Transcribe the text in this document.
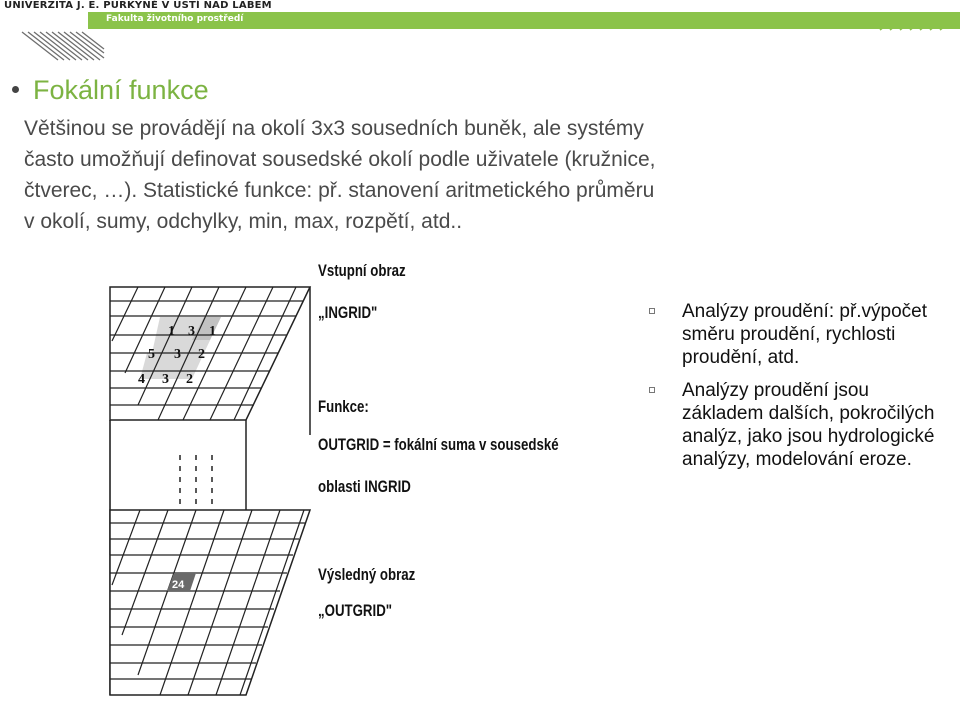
UNIVERZITA J. E. PURKYNĚ V ÚSTÍ NAD LABEM
Fakulta životního prostředí
Fokální funkce
Většinou se provádějí na okolí 3x3 sousedních buněk, ale systémy
často umožňují definovat sousedské okolí podle uživatele (kružnice,
čtverec, …). Statistické funkce: př. stanovení aritmetického průměru
v okolí, sumy, odchylky, min, max, rozpětí, atd..
1 3 1
5 3 2
4 3 2
24
Vstupní obraz
„INGRID"
Funkce:
OUTGRID = fokální suma v sousedské
oblasti INGRID
Výsledný obraz
„OUTGRID"
Analýzy proudění: př.výpočet směru proudění, rychlosti proudění, atd.
Analýzy proudění jsou základem dalších, pokročilých analýz, jako jsou hydrologické analýzy, modelování eroze.
